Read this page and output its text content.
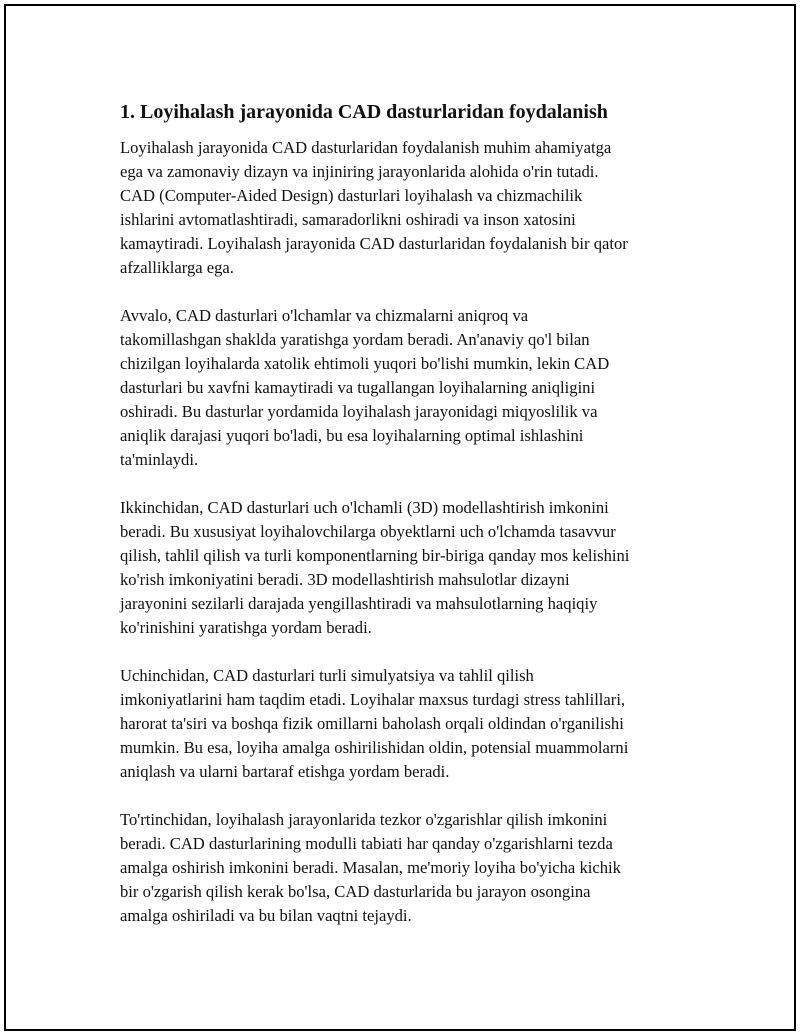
1. Loyihalash jarayonida CAD dasturlaridan foydalanish

Loyihalash jarayonida CAD dasturlaridan foydalanish muhim ahamiyatga
ega va zamonaviy dizayn va injiniring jarayonlarida alohida o'rin tutadi.
CAD (Computer-Aided Design) dasturlari loyihalash va chizmachilik
ishlarini avtomatlashtiradi, samaradorlikni oshiradi va inson xatosini
kamaytiradi. Loyihalash jarayonida CAD dasturlaridan foydalanish bir qator
afzalliklarga ega.

Avvalo, CAD dasturlari o'lchamlar va chizmalarni aniqroq va
takomillashgan shaklda yaratishga yordam beradi. An'anaviy qo'l bilan
chizilgan loyihalarda xatolik ehtimoli yuqori bo'lishi mumkin, lekin CAD
dasturlari bu xavfni kamaytiradi va tugallangan loyihalarning aniqligini
oshiradi. Bu dasturlar yordamida loyihalash jarayonidagi miqyoslilik va
aniqlik darajasi yuqori bo'ladi, bu esa loyihalarning optimal ishlashini
ta'minlaydi.

Ikkinchidan, CAD dasturlari uch o'lchamli (3D) modellashtirish imkonini
beradi. Bu xususiyat loyihalovchilarga obyektlarni uch o'lchamda tasavvur
qilish, tahlil qilish va turli komponentlarning bir-biriga qanday mos kelishini
ko'rish imkoniyatini beradi. 3D modellashtirish mahsulotlar dizayni
jarayonini sezilarli darajada yengillashtiradi va mahsulotlarning haqiqiy
ko'rinishini yaratishga yordam beradi.

Uchinchidan, CAD dasturlari turli simulyatsiya va tahlil qilish
imkoniyatlarini ham taqdim etadi. Loyihalar maxsus turdagi stress tahlillari,
harorat ta'siri va boshqa fizik omillarni baholash orqali oldindan o'rganilishi
mumkin. Bu esa, loyiha amalga oshirilishidan oldin, potensial muammolarni
aniqlash va ularni bartaraf etishga yordam beradi.

To'rtinchidan, loyihalash jarayonlarida tezkor o'zgarishlar qilish imkonini
beradi. CAD dasturlarining modulli tabiati har qanday o'zgarishlarni tezda
amalga oshirish imkonini beradi. Masalan, me'moriy loyiha bo'yicha kichik
bir o'zgarish qilish kerak bo'lsa, CAD dasturlarida bu jarayon osongina
amalga oshiriladi va bu bilan vaqtni tejaydi.
